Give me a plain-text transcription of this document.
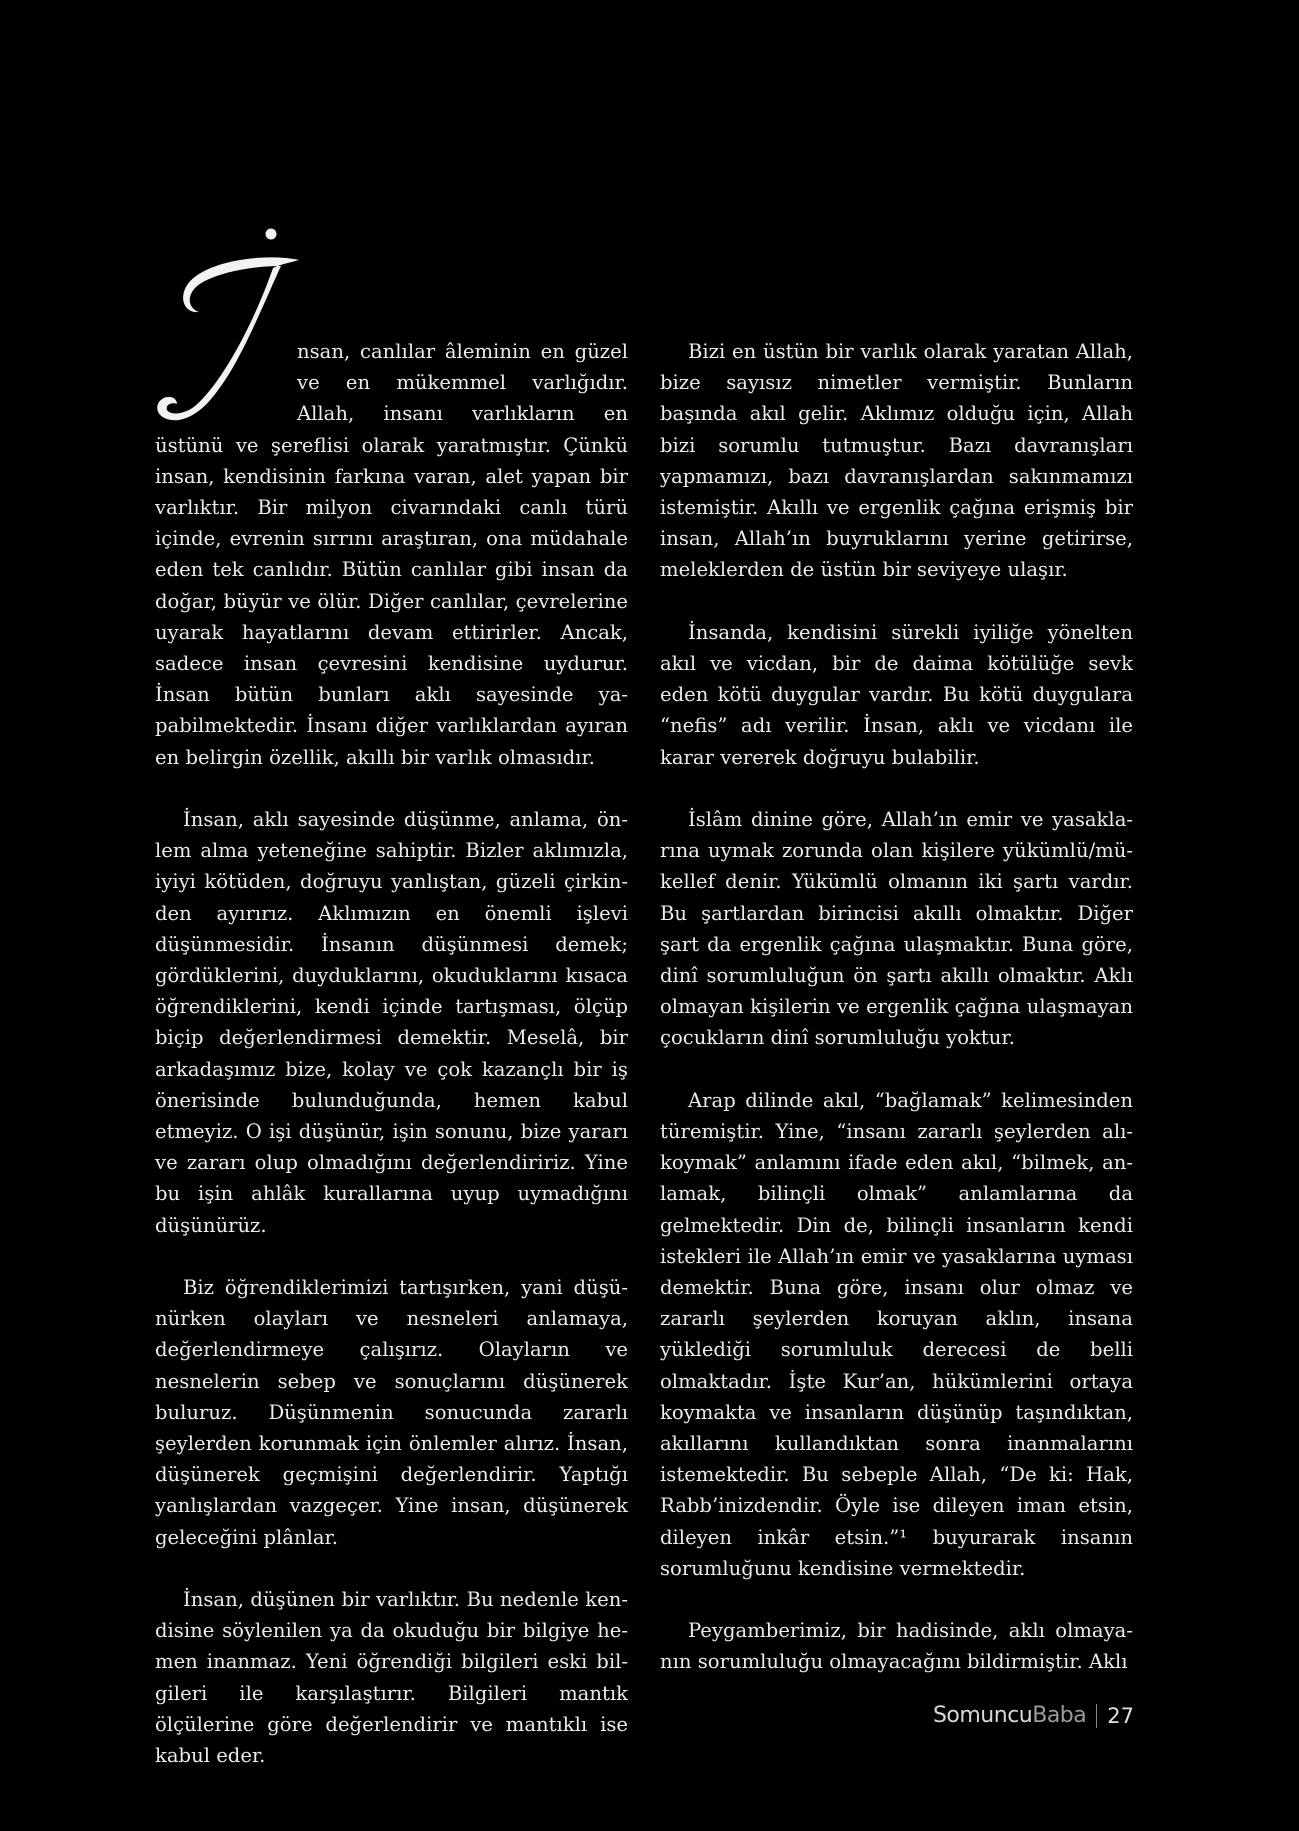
nsan, canlılar âleminin en güzel ve en mükemmel varlığıdır. Allah, insanı varlıkların en üstünü ve şereflisi olarak yaratmıştır. Çünkü insan, kendisinin farkına varan, alet yapan bir varlıktır. Bir milyon civarındaki canlı türü içinde, evrenin sırrını araştıran, ona müdahale eden tek canlıdır. Bütün canlılar gibi insan da doğar, büyür ve ölür. Diğer canlılar, çevrelerine uyarak hayatlarını devam ettirirler. Ancak, sadece insan çevresini kendisine uydurur. İnsan bütün bunları aklı sayesinde yapabilmektedir. İnsanı diğer varlıklardan ayıran en belirgin özellik, akıllı bir varlık olmasıdır.

İnsan, aklı sayesinde düşünme, anlama, önlem alma yeteneğine sahiptir. Bizler aklımızla, iyiyi kötüden, doğruyu yanlıştan, güzeli çirkinden ayırırız. Aklımızın en önemli işlevi düşünmesidir. İnsanın düşünmesi demek; gördüklerini, duyduklarını, okuduklarını kısaca öğrendiklerini, kendi içinde tartışması, ölçüp biçip değerlendirmesi demektir. Meselâ, bir arkadaşımız bize, kolay ve çok kazançlı bir iş önerisinde bulunduğunda, hemen kabul etmeyiz. O işi düşünür, işin sonunu, bize yararı ve zararı olup olmadığını değerlendiririz. Yine bu işin ahlâk kurallarına uyup uymadığını düşünürüz.

Biz öğrendiklerimizi tartışırken, yani düşünürken olayları ve nesneleri anlamaya, değerlendirmeye çalışırız. Olayların ve nesnelerin sebep ve sonuçlarını düşünerek buluruz. Düşünmenin sonucunda zararlı şeylerden korunmak için önlemler alırız. İnsan, düşünerek geçmişini değerlendirir. Yaptığı yanlışlardan vazgeçer. Yine insan, düşünerek geleceğini plânlar.

İnsan, düşünen bir varlıktır. Bu nedenle kendisine söylenilen ya da okuduğu bir bilgiye hemen inanmaz. Yeni öğrendiği bilgileri eski bilgileri ile karşılaştırır. Bilgileri mantık ölçülerine göre değerlendirir ve mantıklı ise kabul eder.

Bizi en üstün bir varlık olarak yaratan Allah, bize sayısız nimetler vermiştir. Bunların başında akıl gelir. Aklımız olduğu için, Allah bizi sorumlu tutmuştur. Bazı davranışları yapmamızı, bazı davranışlardan sakınmamızı istemiştir. Akıllı ve ergenlik çağına erişmiş bir insan, Allah’ın buyruklarını yerine getirirse, meleklerden de üstün bir seviyeye ulaşır.

İnsanda, kendisini sürekli iyiliğe yönelten akıl ve vicdan, bir de daima kötülüğe sevk eden kötü duygular vardır. Bu kötü duygulara “nefis” adı verilir. İnsan, aklı ve vicdanı ile karar vererek doğruyu bulabilir.

İslâm dinine göre, Allah’ın emir ve yasaklarına uymak zorunda olan kişilere yükümlü/mükellef denir. Yükümlü olmanın iki şartı vardır. Bu şartlardan birincisi akıllı olmaktır. Diğer şart da ergenlik çağına ulaşmaktır. Buna göre, dinî sorumluluğun ön şartı akıllı olmaktır. Aklı olmayan kişilerin ve ergenlik çağına ulaşmayan çocukların dinî sorumluluğu yoktur.

Arap dilinde akıl, “bağlamak” kelimesinden türemiştir. Yine, “insanı zararlı şeylerden alıkoymak” anlamını ifade eden akıl, “bilmek, anlamak, bilinçli olmak” anlamlarına da gelmektedir. Din de, bilinçli insanların kendi istekleri ile Allah’ın emir ve yasaklarına uyması demektir. Buna göre, insanı olur olmaz ve zararlı şeylerden koruyan aklın, insana yüklediği sorumluluk derecesi de belli olmaktadır. İşte Kur’an, hükümlerini ortaya koymakta ve insanların düşünüp taşındıktan, akıllarını kullandıktan sonra inanmalarını istemektedir. Bu sebeple Allah, “De ki: Hak, Rabb’inizdendir. Öyle ise dileyen iman etsin, dileyen inkâr etsin.”¹ buyurarak insanın sorumluğunu kendisine vermektedir.

Peygamberimiz, bir hadisinde, aklı olmayanın sorumluluğu olmayacağını bildirmiştir. Aklı

Somuncu Baba 27
